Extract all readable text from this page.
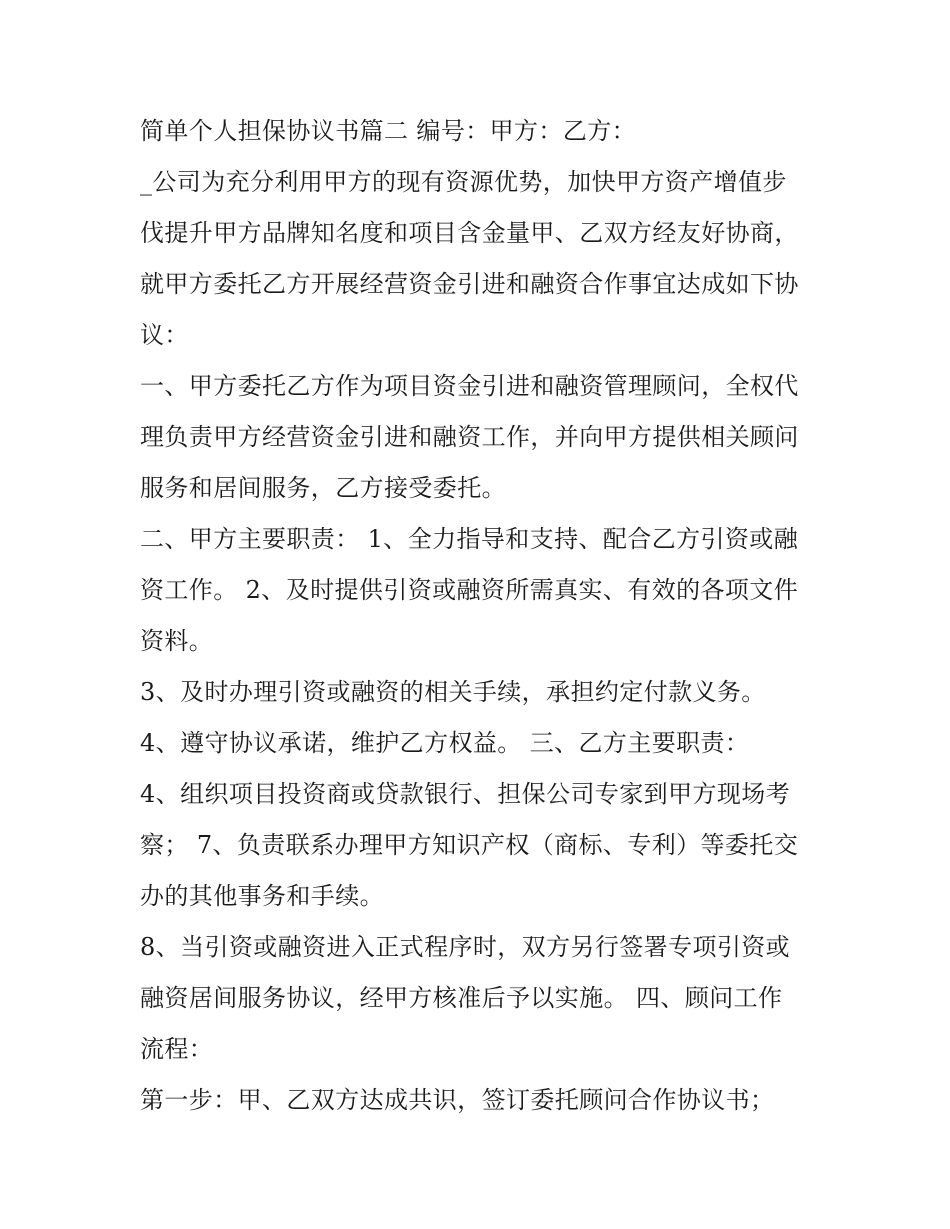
简单个人担保协议书篇二 编号：甲方：乙方：
_公司为充分利用甲方的现有资源优势，加快甲方资产增值步
伐提升甲方品牌知名度和项目含金量甲、乙双方经友好协商，
就甲方委托乙方开展经营资金引进和融资合作事宜达成如下协
议：
一、甲方委托乙方作为项目资金引进和融资管理顾问，全权代
理负责甲方经营资金引进和融资工作，并向甲方提供相关顾问
服务和居间服务，乙方接受委托。
二、甲方主要职责： 1、全力指导和支持、配合乙方引资或融
资工作。 2、及时提供引资或融资所需真实、有效的各项文件
资料。
3、及时办理引资或融资的相关手续，承担约定付款义务。
4、遵守协议承诺，维护乙方权益。 三、乙方主要职责：
4、组织项目投资商或贷款银行、担保公司专家到甲方现场考
察； 7、负责联系办理甲方知识产权（商标、专利）等委托交
办的其他事务和手续。
8、当引资或融资进入正式程序时，双方另行签署专项引资或
融资居间服务协议，经甲方核准后予以实施。 四、顾问工作
流程：
第一步：甲、乙双方达成共识，签订委托顾问合作协议书；
